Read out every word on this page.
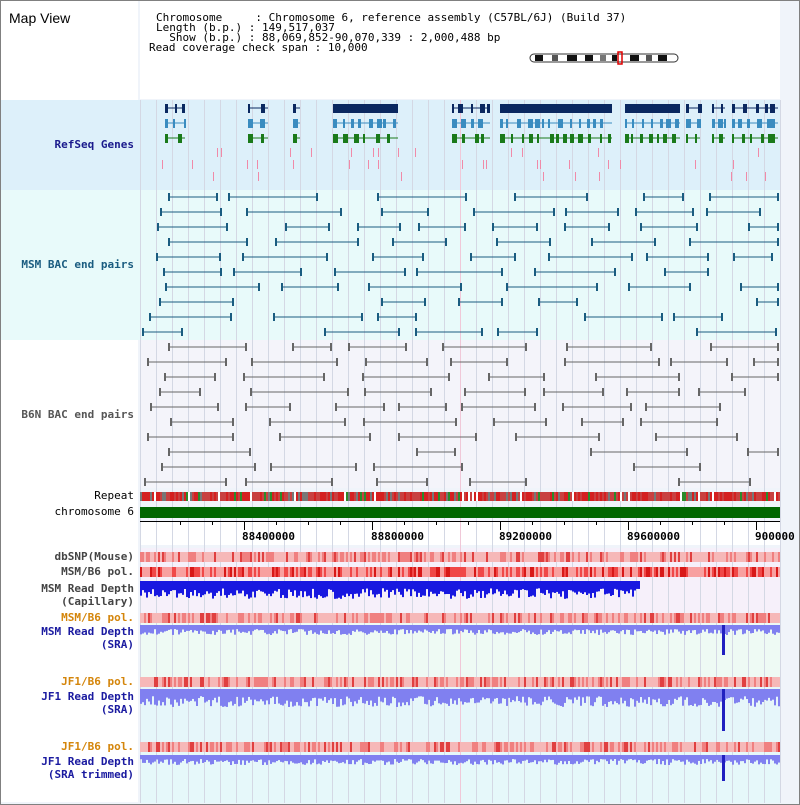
Map View	Chromosome     : Chromosome 6, reference assembly (C57BL/6J) (Build 37)
Length (b.p.) : 149,517,037
Show (b.p.) : 88,069,852-90,070,339 : 2,000,488 bp
Read coverage check span : 10,000
RefSeq Genes
MSM BAC end pairs
B6N BAC end pairs
Repeat
chromosome 6
dbSNP(Mouse)
MSM/B6 pol.
MSM Read Depth
(Capillary)
MSM/B6 pol.
MSM Read Depth
(SRA)
JF1/B6 pol.
JF1 Read Depth
(SRA)
JF1/B6 pol.
JF1 Read Depth
(SRA trimmed)
88400000	88800000	89200000	89600000	900000
